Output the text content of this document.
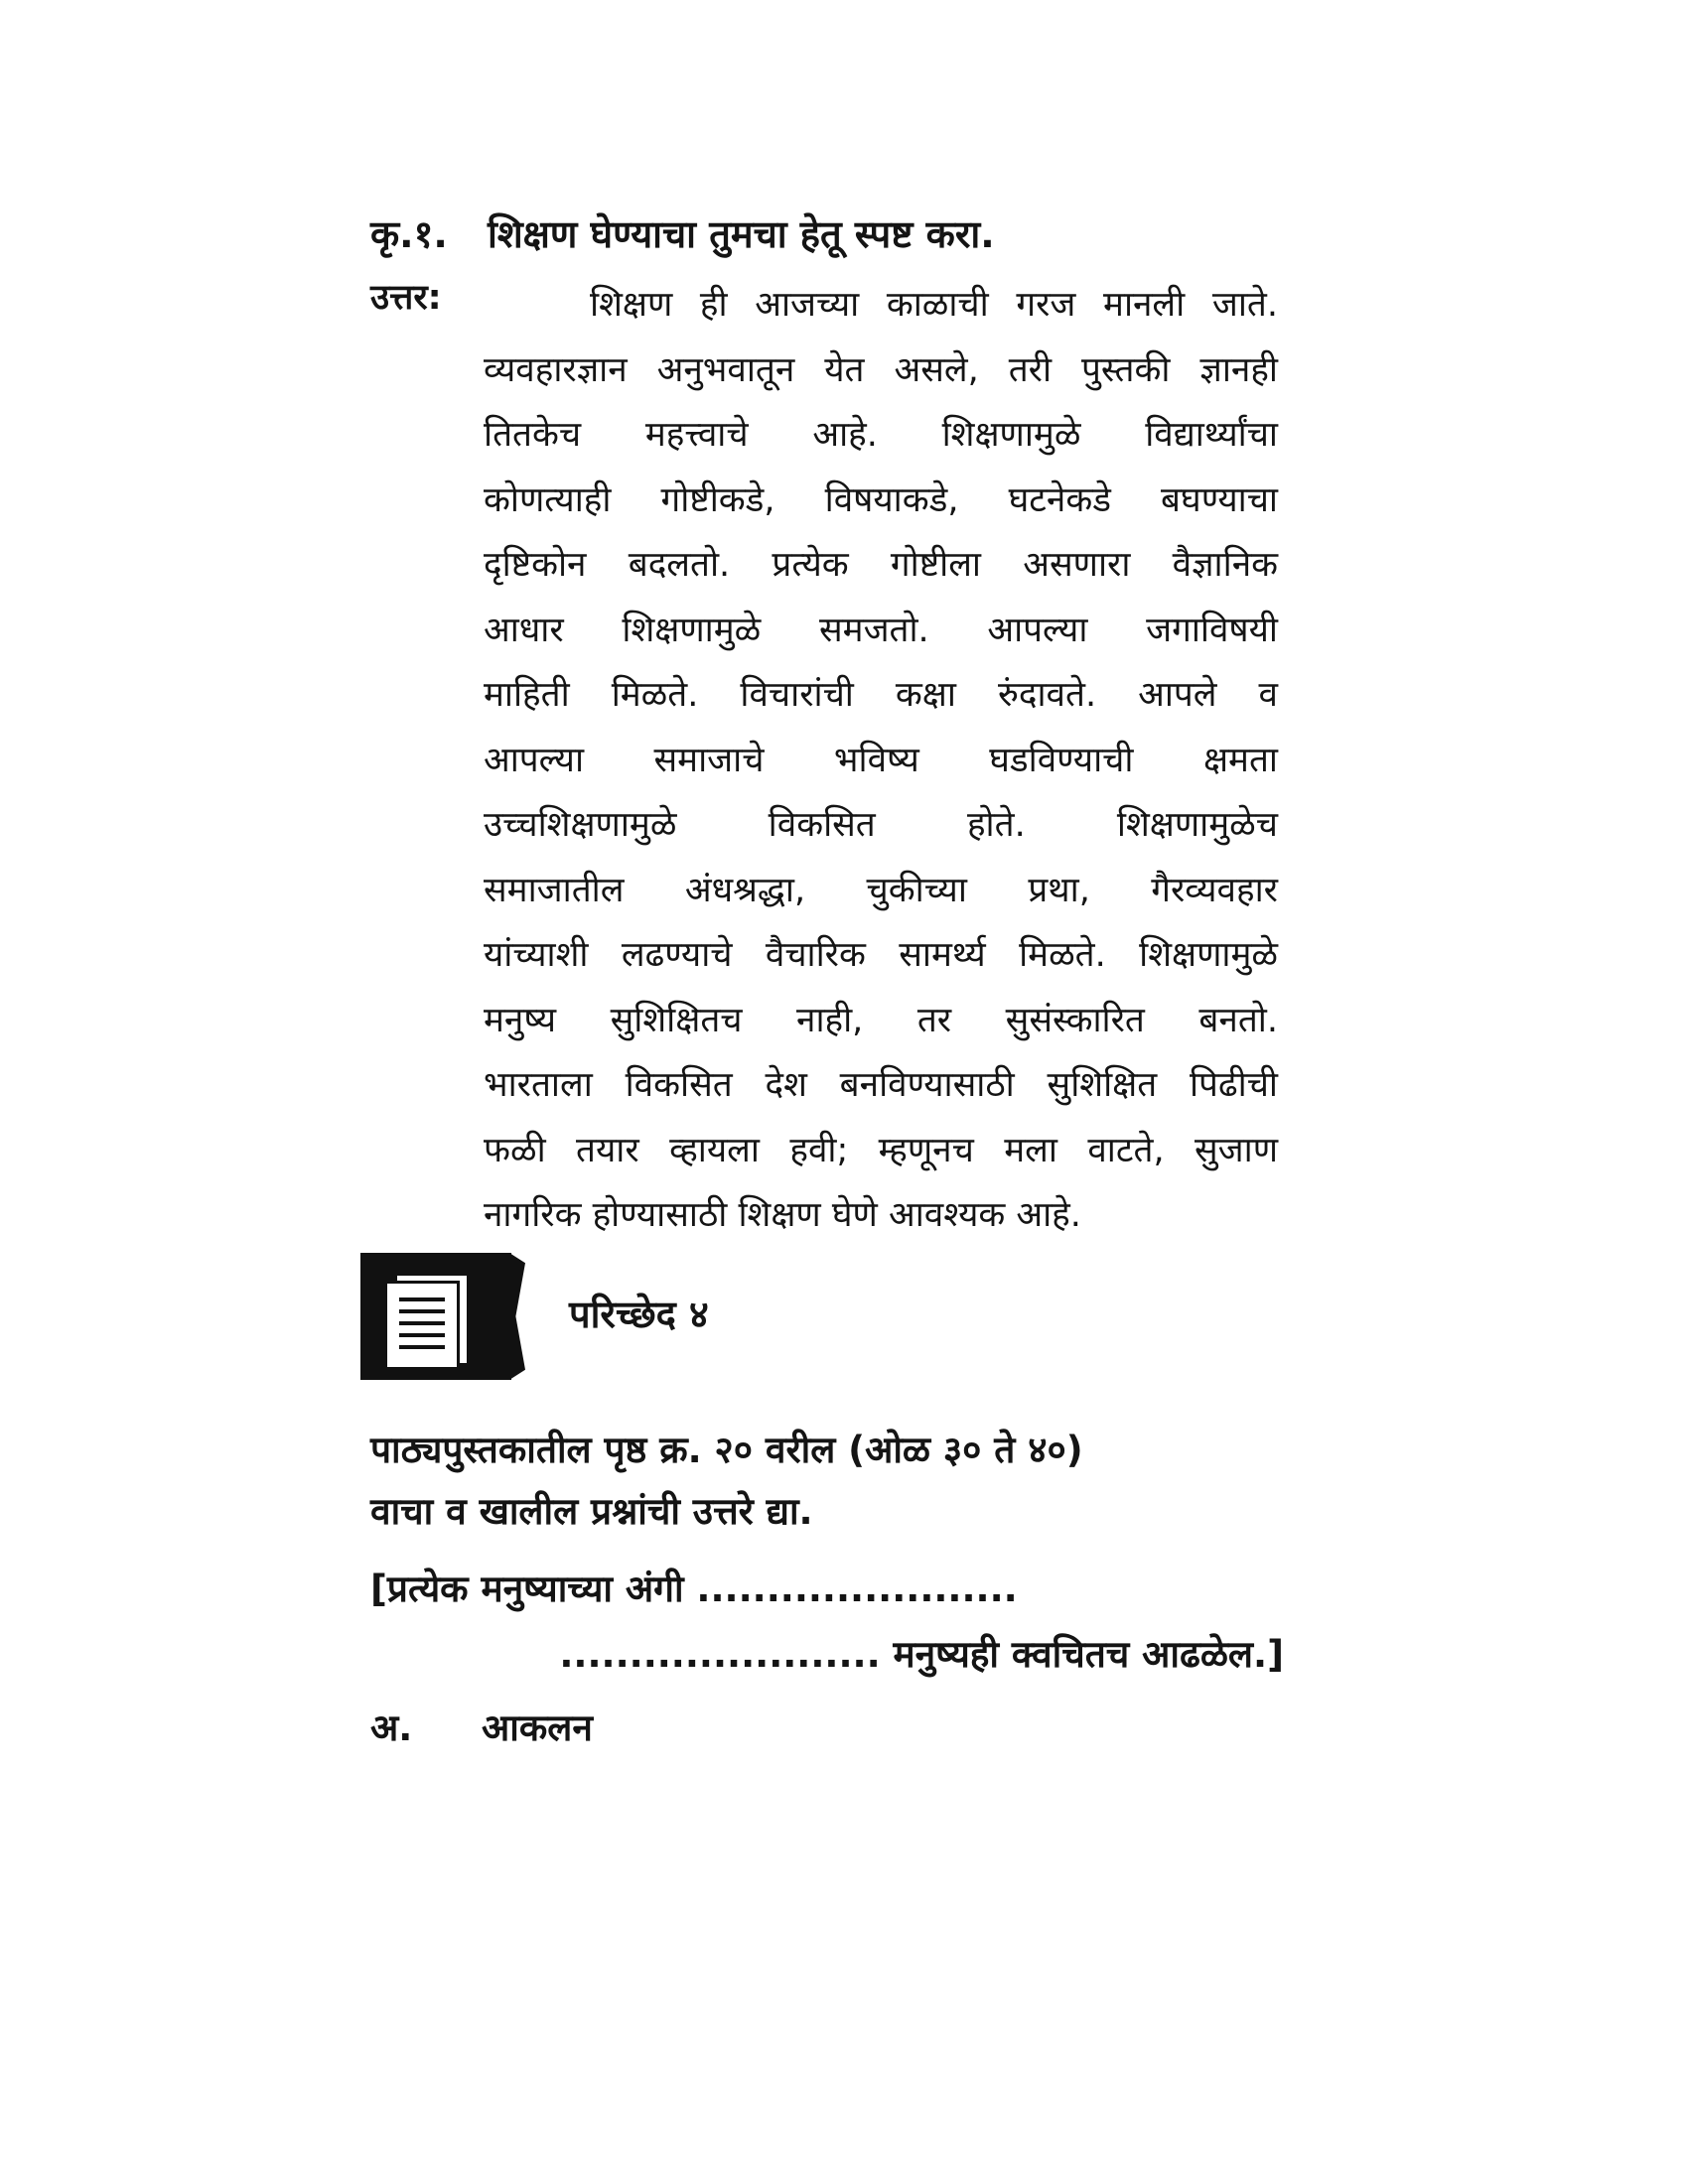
कृ.१. शिक्षण घेण्याचा तुमचा हेतू स्पष्ट करा.
उत्तर:	शिक्षण ही आजच्या काळाची गरज मानली जाते.
व्यवहारज्ञान अनुभवातून येत असले, तरी पुस्तकी ज्ञानही
तितकेच महत्त्वाचे आहे. शिक्षणामुळे विद्यार्थ्यांचा
कोणत्याही गोष्टीकडे, विषयाकडे, घटनेकडे बघण्याचा
दृष्टिकोन बदलतो. प्रत्येक गोष्टीला असणारा वैज्ञानिक
आधार शिक्षणामुळे समजतो. आपल्या जगाविषयी
माहिती मिळते. विचारांची कक्षा रुंदावते. आपले व
आपल्या समाजाचे भविष्य घडविण्याची क्षमता
उच्चशिक्षणामुळे विकसित होते. शिक्षणामुळेच
समाजातील अंधश्रद्धा, चुकीच्या प्रथा, गैरव्यवहार
यांच्याशी लढण्याचे वैचारिक सामर्थ्य मिळते. शिक्षणामुळे
मनुष्य सुशिक्षितच नाही, तर सुसंस्कारित बनतो.
भारताला विकसित देश बनविण्यासाठी सुशिक्षित पिढीची
फळी तयार व्हायला हवी; म्हणूनच मला वाटते, सुजाण
नागरिक होण्यासाठी शिक्षण घेणे आवश्यक आहे.
परिच्छेद ४
पाठ्यपुस्तकातील पृष्ठ क्र. २० वरील (ओळ ३० ते ४०)
वाचा व खालील प्रश्नांची उत्तरे द्या.
[प्रत्येक मनुष्याच्या अंगी .......................
....................... मनुष्यही क्वचितच आढळेल.]
अ. आकलन
